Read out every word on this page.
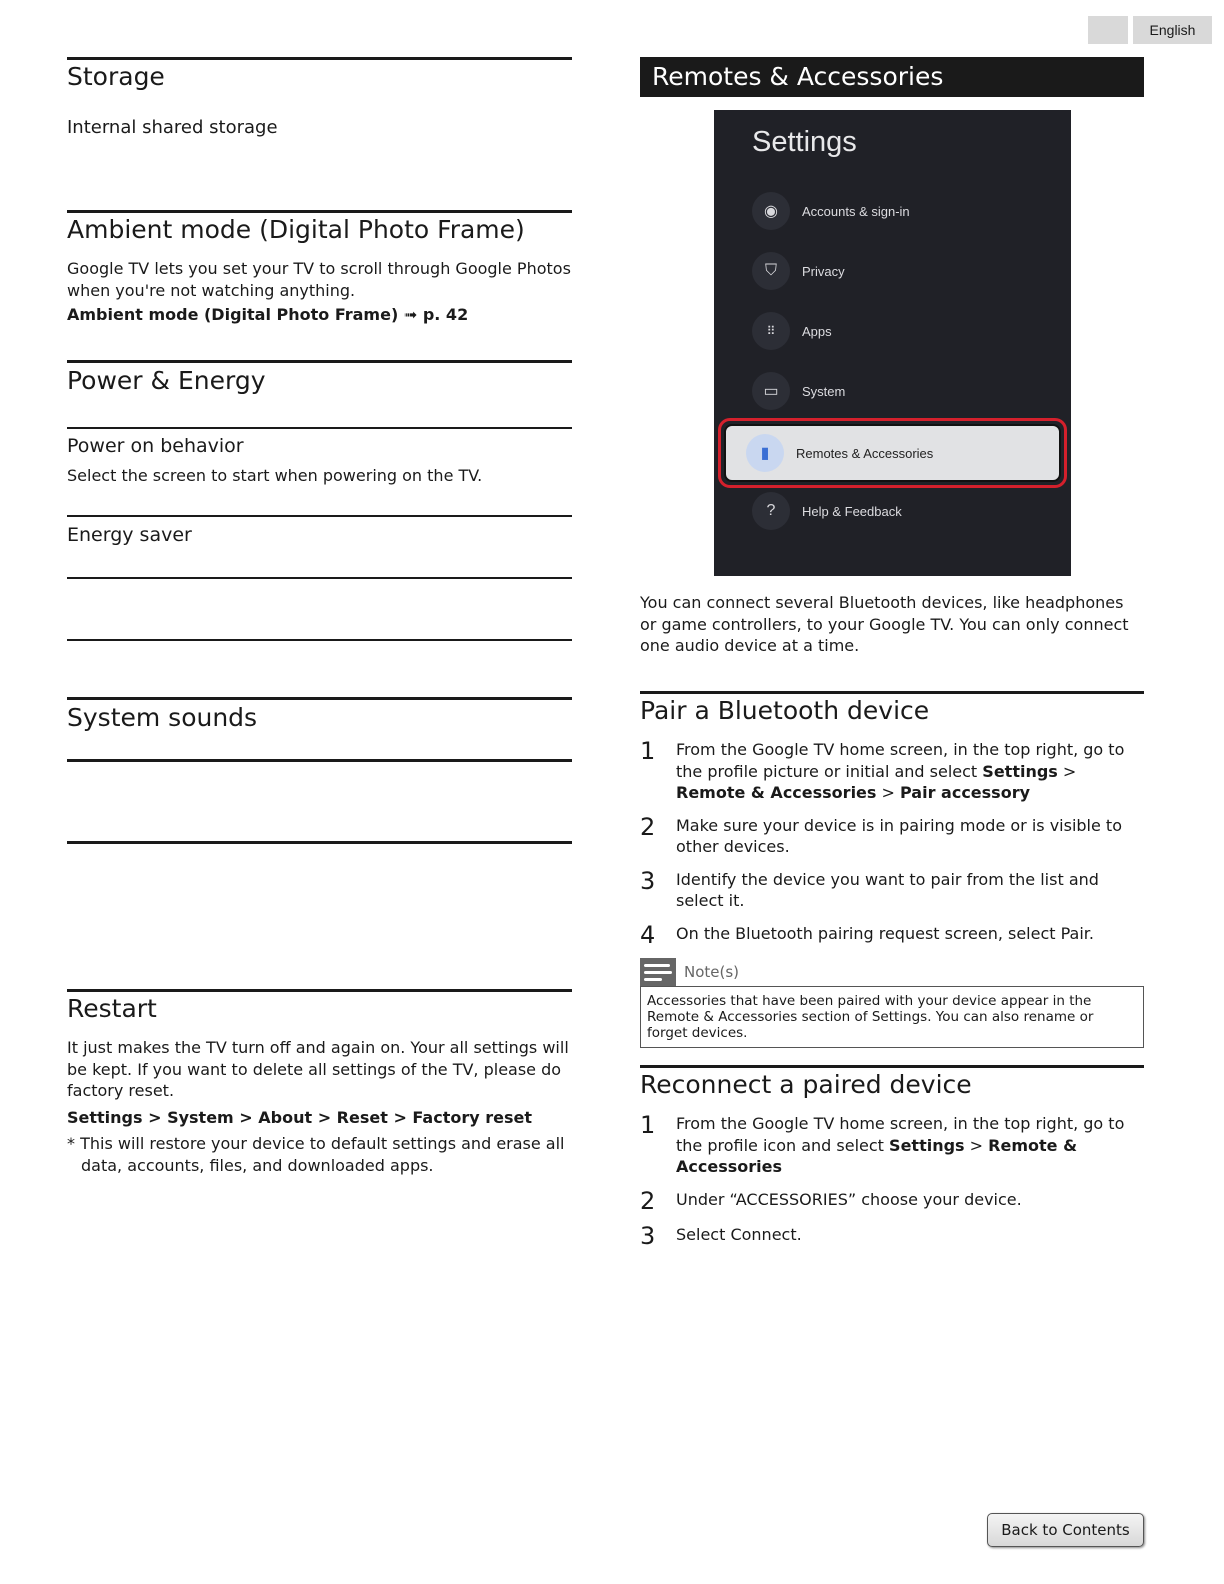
English
Storage
Internal shared storage
Ambient mode (Digital Photo Frame)
Google TV lets you set your TV to scroll through Google Photos when you're not watching anything.
Ambient mode (Digital Photo Frame) ➟ p. 42
Power & Energy
Power on behavior
Select the screen to start when powering on the TV.
Energy saver
System sounds
Restart
It just makes the TV turn off and again on. Your all settings will be kept. If you want to delete all settings of the TV, please do factory reset.
Settings > System > About > Reset > Factory reset
* This will restore your device to default settings and erase all data, accounts, files, and downloaded apps.
Remotes & Accessories
Settings
◉	Accounts & sign-in
⛉	Privacy
⠿	Apps
▭	System
▮	Remotes & Accessories
?	Help & Feedback
You can connect several Bluetooth devices, like headphones or game controllers, to your Google TV. You can only connect one audio device at a time.
Pair a Bluetooth device
1	From the Google TV home screen, in the top right, go to the profile picture or initial and select Settings > Remote & Accessories > Pair accessory
2	Make sure your device is in pairing mode or is visible to other devices.
3	Identify the device you want to pair from the list and select it.
4	On the Bluetooth pairing request screen, select Pair.
Note(s)
Accessories that have been paired with your device appear in the Remote & Accessories section of Settings. You can also rename or forget devices.
Reconnect a paired device
1	From the Google TV home screen, in the top right, go to the profile icon and select Settings > Remote & Accessories
2	Under “ACCESSORIES” choose your device.
3	Select Connect.
Back to Contents
